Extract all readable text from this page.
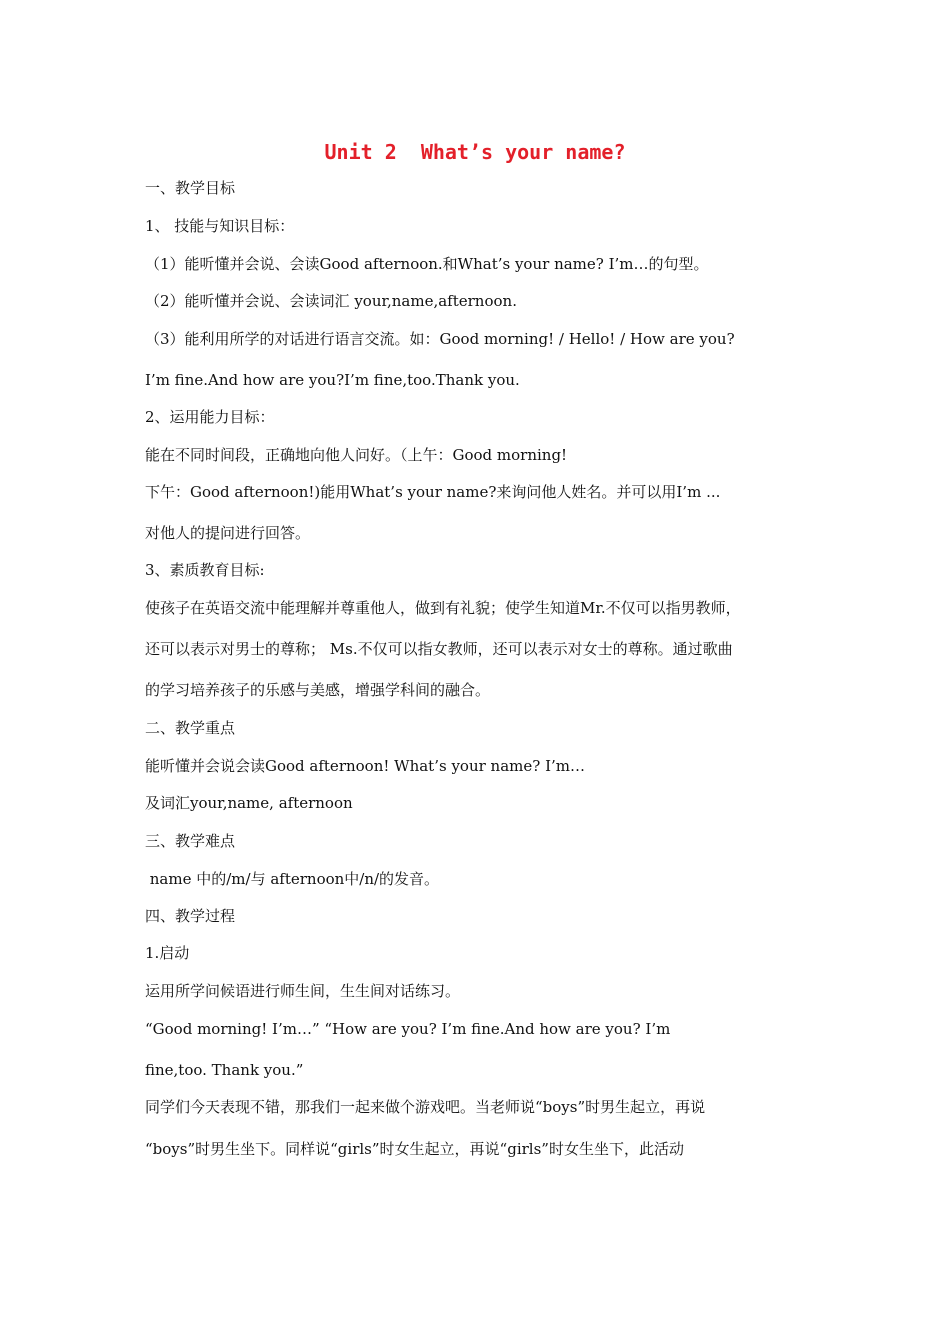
Unit 2  What’s your name?
一、教学目标
1、 技能与知识目标：
（1）能听懂并会说、会读Good afternoon.和What’s your name? I’m…的句型。
（2）能听懂并会说、会读词汇 your,name,afternoon.
（3）能利用所学的对话进行语言交流。如：Good morning! / Hello! / How are you?
I’m fine.And how are you?I’m fine,too.Thank you.
2、运用能力目标：
能在不同时间段，正确地向他人问好。（上午：Good morning!
下午：Good afternoon!)能用What’s your name?来询问他人姓名。并可以用I’m ...
对他人的提问进行回答。
3、素质教育目标:
使孩子在英语交流中能理解并尊重他人，做到有礼貌；使学生知道Mr.不仅可以指男教师，
还可以表示对男士的尊称； Ms.不仅可以指女教师，还可以表示对女士的尊称。通过歌曲
的学习培养孩子的乐感与美感，增强学科间的融合。
二、教学重点
能听懂并会说会读Good afternoon! What’s your name? I’m…
及词汇your,name, afternoon
三、教学难点
name 中的/m/与 afternoon中/n/的发音。
四、教学过程
1.启动
运用所学问候语进行师生间，生生间对话练习。
“Good morning! I’m…” “How are you? I’m fine.And how are you? I’m
fine,too. Thank you.”
同学们今天表现不错，那我们一起来做个游戏吧。当老师说“boys”时男生起立，再说
“boys”时男生坐下。同样说“girls”时女生起立，再说“girls”时女生坐下，此活动
